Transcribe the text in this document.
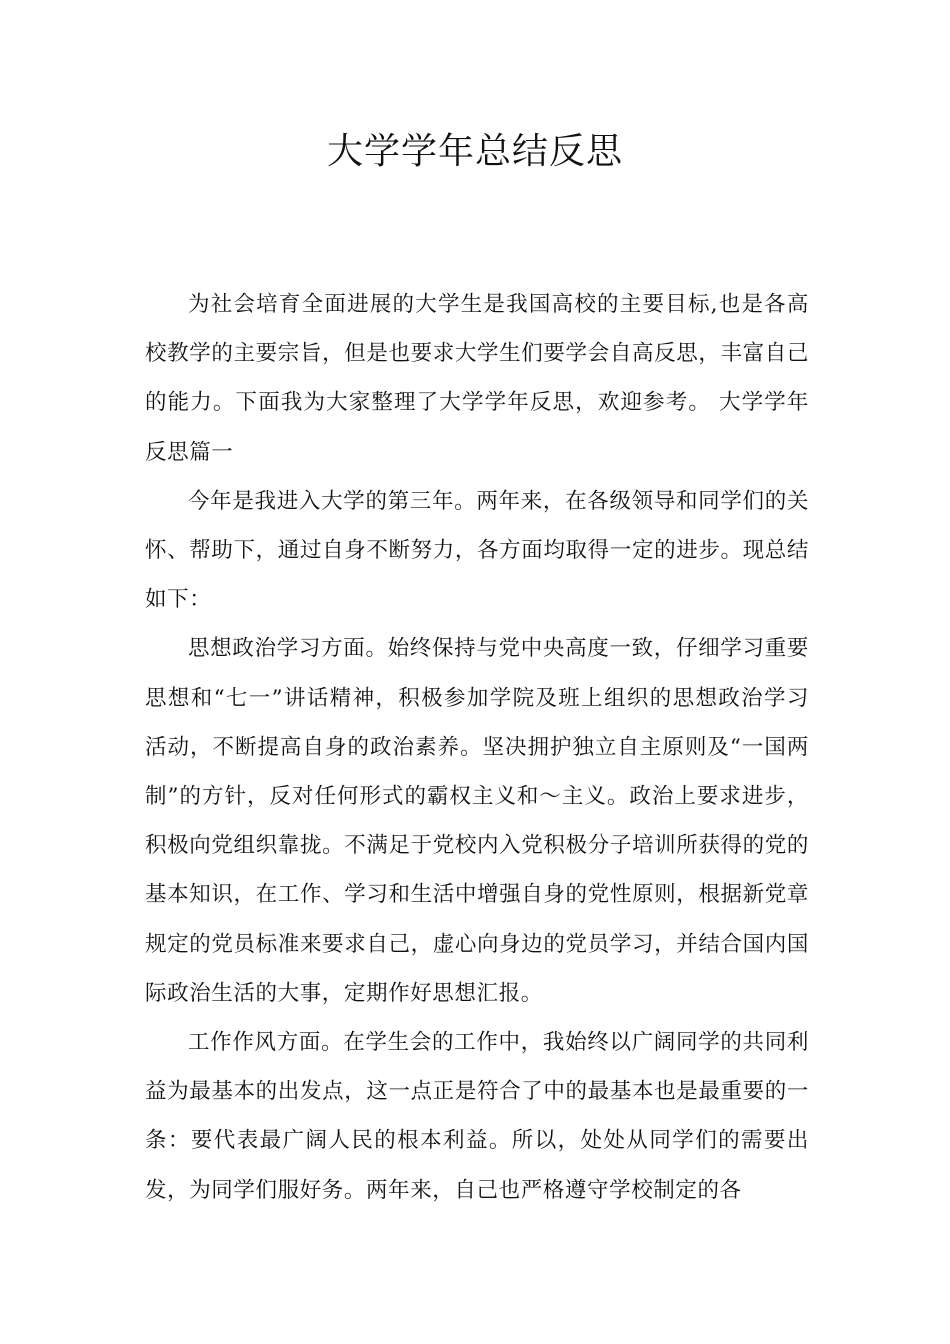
大学学年总结反思

为社会培育全面进展的大学生是我国高校的主要目标,也是各高校教学的主要宗旨，但是也要求大学生们要学会自高反思，丰富自己的能力。下面我为大家整理了大学学年反思，欢迎参考。 大学学年反思篇一

今年是我进入大学的第三年。两年来，在各级领导和同学们的关怀、帮助下，通过自身不断努力，各方面均取得一定的进步。现总结如下：

思想政治学习方面。始终保持与党中央高度一致，仔细学习重要思想和“七一”讲话精神，积极参加学院及班上组织的思想政治学习活动，不断提高自身的政治素养。坚决拥护独立自主原则及“一国两制”的方针，反对任何形式的霸权主义和～主义。政治上要求进步，积极向党组织靠拢。不满足于党校内入党积极分子培训所获得的党的基本知识，在工作、学习和生活中增强自身的党性原则，根据新党章规定的党员标准来要求自己，虚心向身边的党员学习，并结合国内国际政治生活的大事，定期作好思想汇报。

工作作风方面。在学生会的工作中，我始终以广阔同学的共同利益为最基本的出发点，这一点正是符合了中的最基本也是最重要的一条：要代表最广阔人民的根本利益。所以，处处从同学们的需要出发，为同学们服好务。两年来，自己也严格遵守学校制定的各
